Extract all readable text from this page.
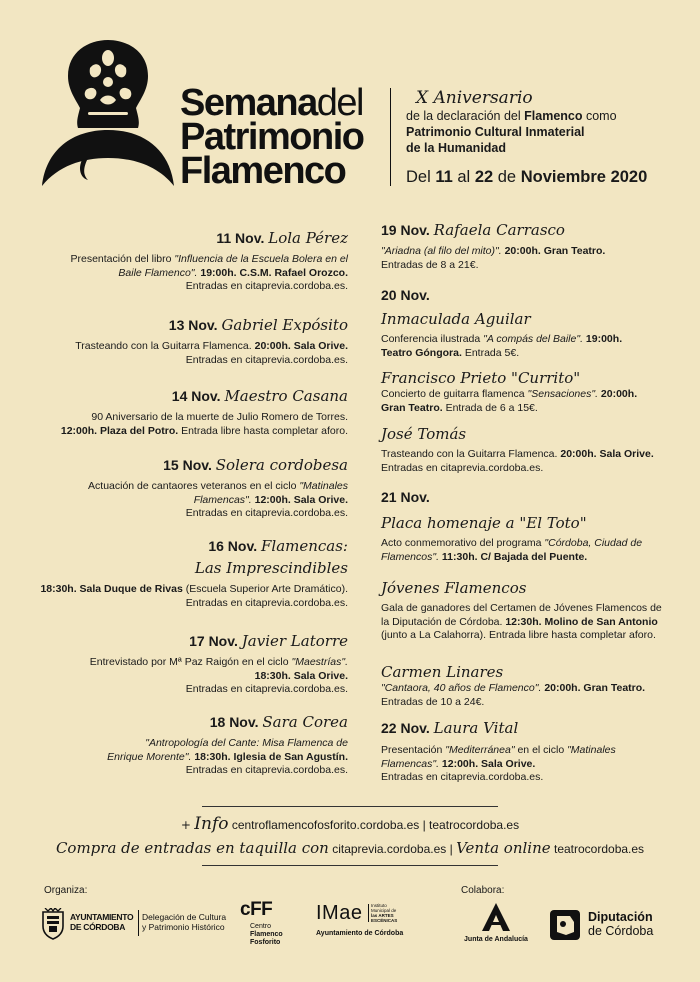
Semanadel
Patrimonio
Flamenco
X Aniversario
de la declaración del Flamenco como
Patrimonio Cultural Inmaterial
de la Humanidad
Del 11 al 22 de Noviembre 2020
11 Nov. Lola Pérez
Presentación del libro "Influencia de la Escuela Bolera en el
Baile Flamenco". 19:00h. C.S.M. Rafael Orozco.
Entradas en citaprevia.cordoba.es.
13 Nov. Gabriel Expósito
Trasteando con la Guitarra Flamenca. 20:00h. Sala Orive.
Entradas en citaprevia.cordoba.es.
14 Nov. Maestro Casana
90 Aniversario de la muerte de Julio Romero de Torres.
12:00h. Plaza del Potro. Entrada libre hasta completar aforo.
15 Nov. Solera cordobesa
Actuación de cantaores veteranos en el ciclo "Matinales
Flamencas". 12:00h. Sala Orive.
Entradas en citaprevia.cordoba.es.
16 Nov. Flamencas:
Las Imprescindibles
18:30h. Sala Duque de Rivas (Escuela Superior Arte Dramático).
Entradas en citaprevia.cordoba.es.
17 Nov. Javier Latorre
Entrevistado por Mª Paz Raigón en el ciclo "Maestrías".
18:30h. Sala Orive.
Entradas en citaprevia.cordoba.es.
18 Nov. Sara Corea
"Antropología del Cante: Misa Flamenca de
Enrique Morente". 18:30h. Iglesia de San Agustín.
Entradas en citaprevia.cordoba.es.
19 Nov. Rafaela Carrasco
"Ariadna (al filo del mito)". 20:00h. Gran Teatro.
Entradas de 8 a 21€.
20 Nov.
Inmaculada Aguilar
Conferencia ilustrada "A compás del Baile". 19:00h.
Teatro Góngora. Entrada 5€.
Francisco Prieto "Currito"
Concierto de guitarra flamenca "Sensaciones". 20:00h.
Gran Teatro. Entrada de 6 a 15€.
José Tomás
Trasteando con la Guitarra Flamenca. 20:00h. Sala Orive.
Entradas en citaprevia.cordoba.es.
21 Nov.
Placa homenaje a "El Toto"
Acto conmemorativo del programa "Córdoba, Ciudad de
Flamencos". 11:30h. C/ Bajada del Puente.
Jóvenes Flamencos
Gala de ganadores del Certamen de Jóvenes Flamencos de
la Diputación de Córdoba. 12:30h. Molino de San Antonio
(junto a La Calahorra). Entrada libre hasta completar aforo.
Carmen Linares
"Cantaora, 40 años de Flamenco". 20:00h. Gran Teatro.
Entradas de 10 a 24€.
22 Nov. Laura Vital
Presentación "Mediterránea" en el ciclo "Matinales
Flamencas". 12:00h. Sala Orive.
Entradas en citaprevia.cordoba.es.
+ Info centroflamencofosforito.cordoba.es | teatrocordoba.es
Compra de entradas en taquilla con citaprevia.cordoba.es | Venta online teatrocordoba.es
Organiza:	Colabora:
AYUNTAMIENTO
DE CÓRDOBA
Delegación de Cultura
y Patrimonio Histórico
cFF
Centro
Flamenco
Fosforito
IMae Instituto
Municipal de
las ARTES
ESCÉNICAS
Ayuntamiento de Córdoba
Junta de Andalucía
Diputación
de Córdoba
